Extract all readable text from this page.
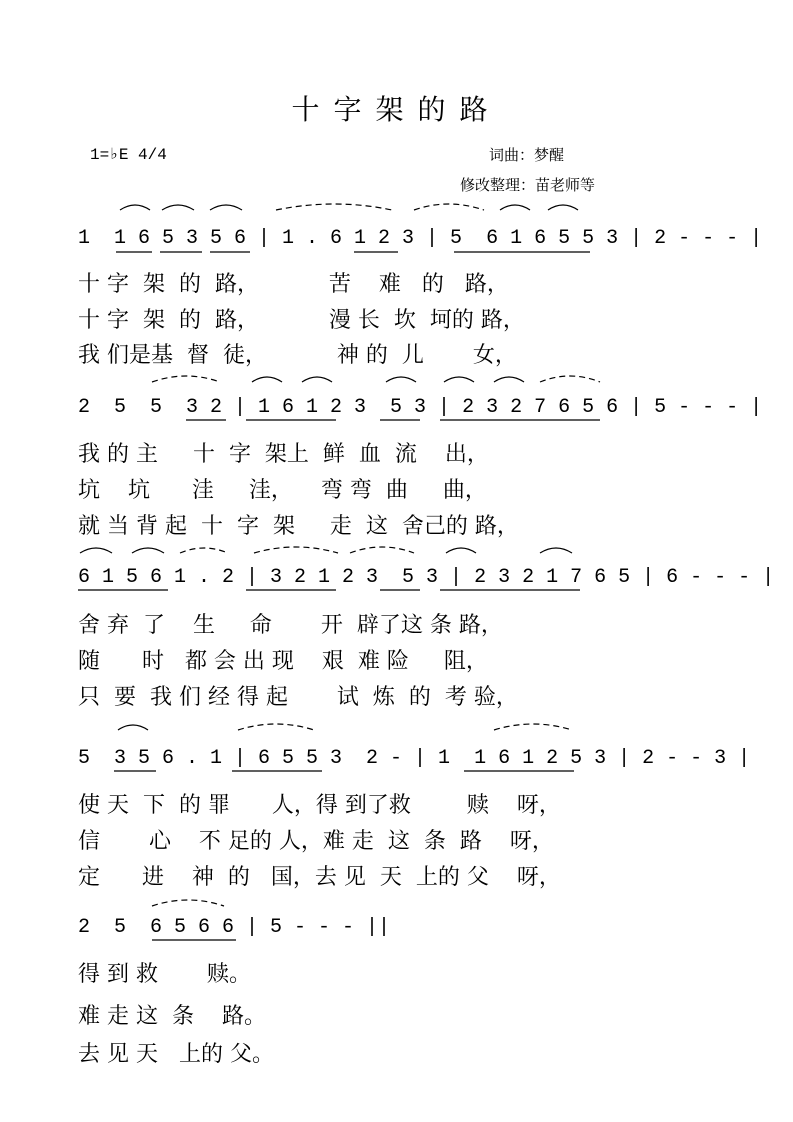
十字架的路
1=♭E 4/4	词曲：梦醒
修改整理：苗老师等
1  1 6 5 3 5 6 | 1 . 6 1 2 3 | 5  6 1 6 5 5 3 | 2 - - - |
十 字  架  的  路，          苦    难   的   路，
十 字  架  的  路，          漫 长  坎  坷的 路，
我 们是基  督  徒，          神 的  儿       女，
2  5  5  3 2 | 1 6 1 2 3  5 3 | 2 3 2 7 6 5 6 | 5 - - - |
我 的 主     十  字  架上  鲜  血  流    出，
坑    坑      洼     洼，    弯 弯  曲     曲，
就 当 背 起  十  字  架     走  这  舍己的 路，
6 1 5 6 1 . 2 | 3 2 1 2 3  5 3 | 2 3 2 1 7 6 5 | 6 - - - |
舍 弃  了    生     命       开  辟了这 条 路，
随      时   都 会 出 现    艰  难 险     阻，
只  要  我 们 经 得 起       试  炼  的  考 验，
5  3 5 6 . 1 | 6 5 5 3  2 - | 1  1 6 1 2 5 3 | 2 - - 3 |
使 天  下  的 罪      人，得 到了救        赎    呀，
信       心    不 足的 人，难 走  这  条  路    呀，
定      进    神  的   国，去 见  天  上的 父    呀，
2  5  6 5 6 6 | 5 - - - ||
得 到 救       赎。
难 走 这  条    路。
去 见 天   上的 父。
